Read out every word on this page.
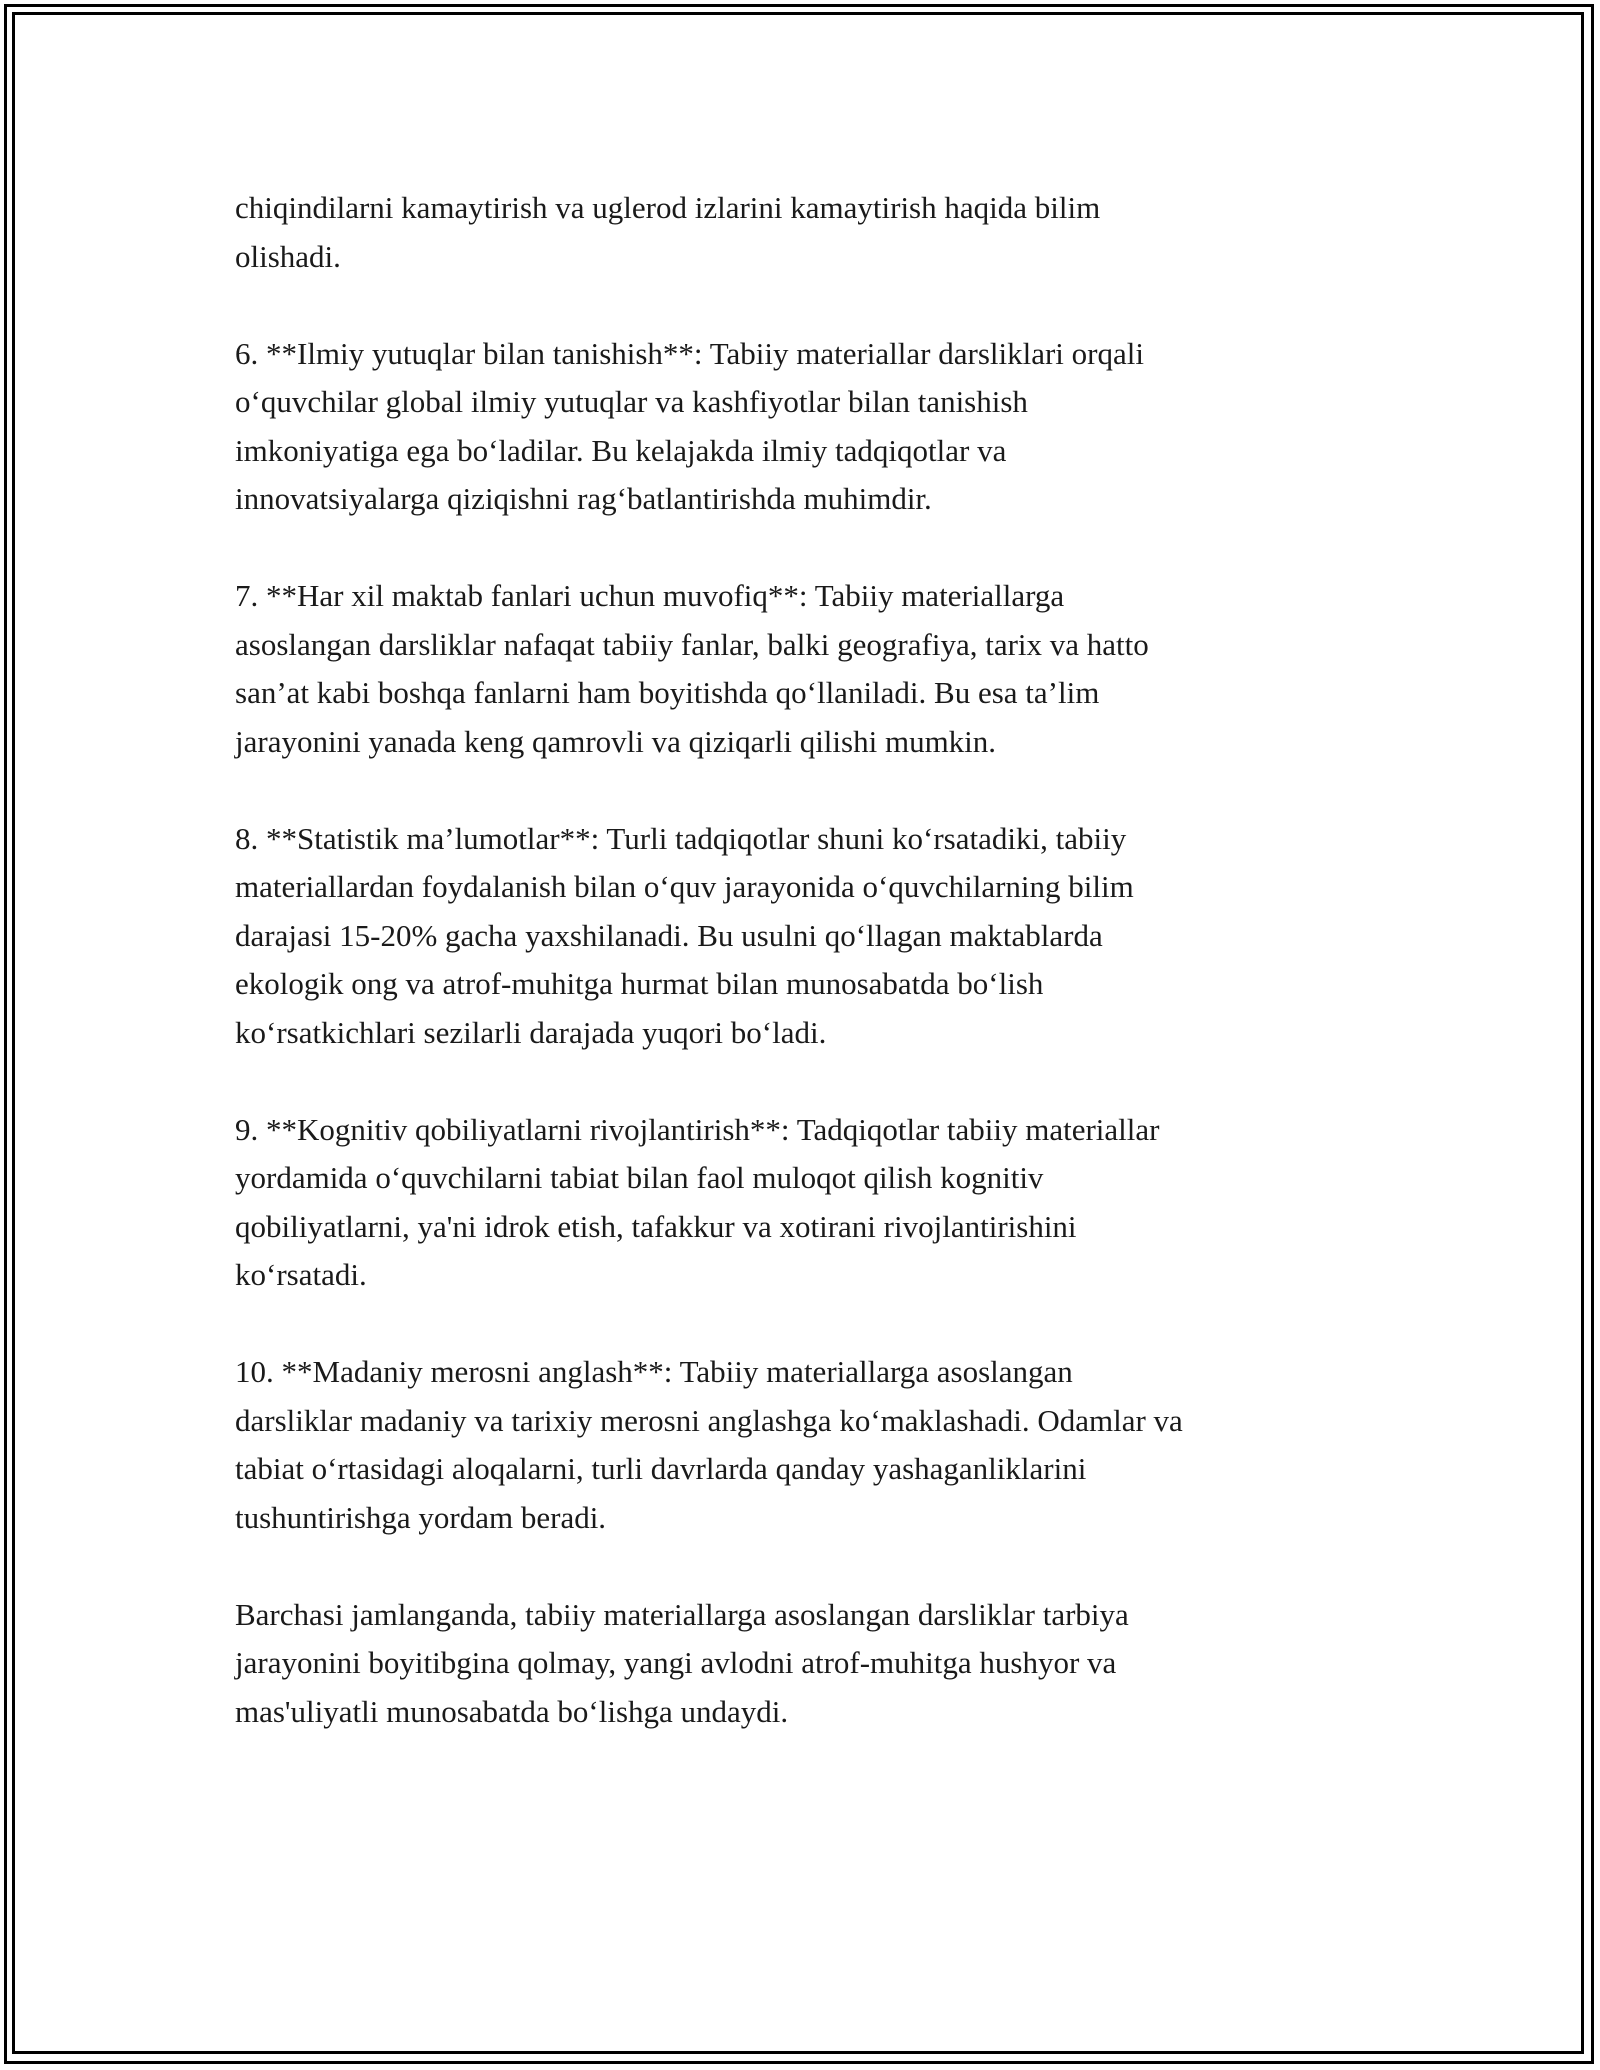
chiqindilarni kamaytirish va uglerod izlarini kamaytirish haqida bilim
olishadi.

6. **Ilmiy yutuqlar bilan tanishish**: Tabiiy materiallar darsliklari orqali
o‘quvchilar global ilmiy yutuqlar va kashfiyotlar bilan tanishish
imkoniyatiga ega bo‘ladilar. Bu kelajakda ilmiy tadqiqotlar va
innovatsiyalarga qiziqishni rag‘batlantirishda muhimdir.

7. **Har xil maktab fanlari uchun muvofiq**: Tabiiy materiallarga
asoslangan darsliklar nafaqat tabiiy fanlar, balki geografiya, tarix va hatto
san’at kabi boshqa fanlarni ham boyitishda qo‘llaniladi. Bu esa ta’lim
jarayonini yanada keng qamrovli va qiziqarli qilishi mumkin.

8. **Statistik ma’lumotlar**: Turli tadqiqotlar shuni ko‘rsatadiki, tabiiy
materiallardan foydalanish bilan o‘quv jarayonida o‘quvchilarning bilim
darajasi 15-20% gacha yaxshilanadi. Bu usulni qo‘llagan maktablarda
ekologik ong va atrof-muhitga hurmat bilan munosabatda bo‘lish
ko‘rsatkichlari sezilarli darajada yuqori bo‘ladi.

9. **Kognitiv qobiliyatlarni rivojlantirish**: Tadqiqotlar tabiiy materiallar
yordamida o‘quvchilarni tabiat bilan faol muloqot qilish kognitiv
qobiliyatlarni, ya'ni idrok etish, tafakkur va xotirani rivojlantirishini
ko‘rsatadi.

10. **Madaniy merosni anglash**: Tabiiy materiallarga asoslangan
darsliklar madaniy va tarixiy merosni anglashga ko‘maklashadi. Odamlar va
tabiat o‘rtasidagi aloqalarni, turli davrlarda qanday yashaganliklarini
tushuntirishga yordam beradi.

Barchasi jamlanganda, tabiiy materiallarga asoslangan darsliklar tarbiya
jarayonini boyitibgina qolmay, yangi avlodni atrof-muhitga hushyor va
mas'uliyatli munosabatda bo‘lishga undaydi.
